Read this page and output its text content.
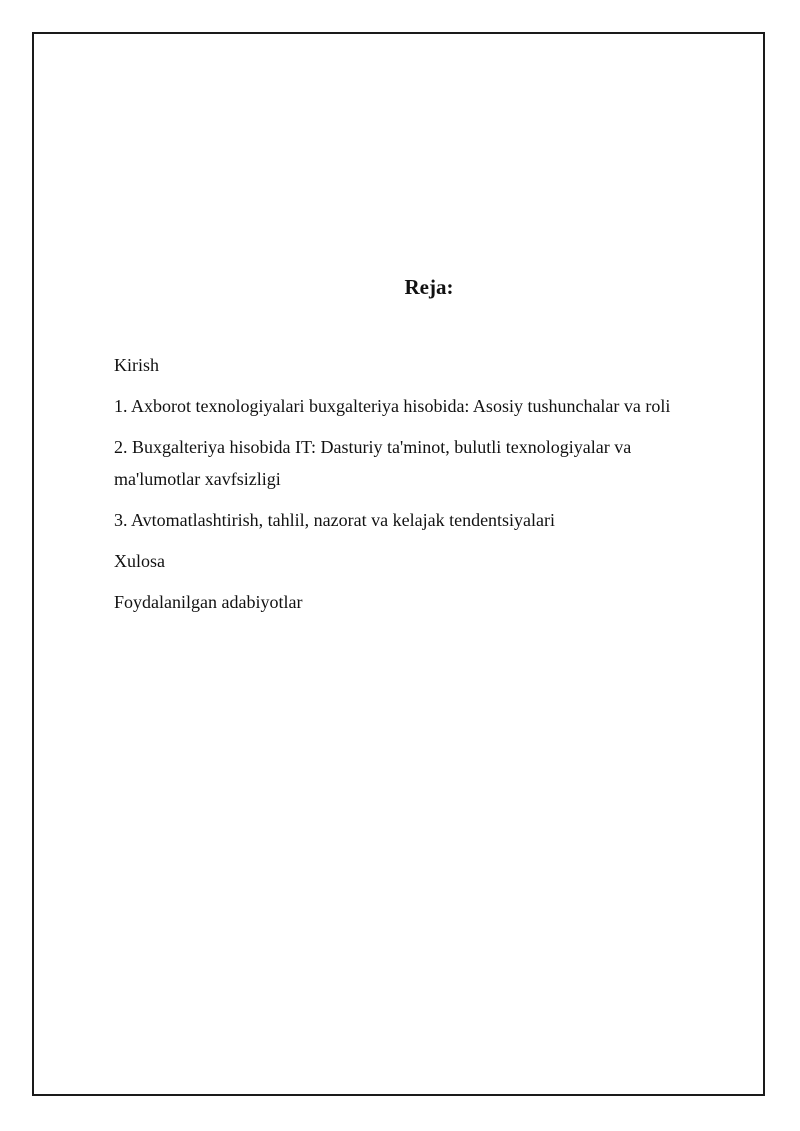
Reja:
Kirish
1. Axborot texnologiyalari buxgalteriya hisobida: Asosiy tushunchalar va roli
2. Buxgalteriya hisobida IT: Dasturiy ta'minot, bulutli texnologiyalar va ma'lumotlar xavfsizligi
3. Avtomatlashtirish, tahlil, nazorat va kelajak tendentsiyalari
Xulosa
Foydalanilgan adabiyotlar
